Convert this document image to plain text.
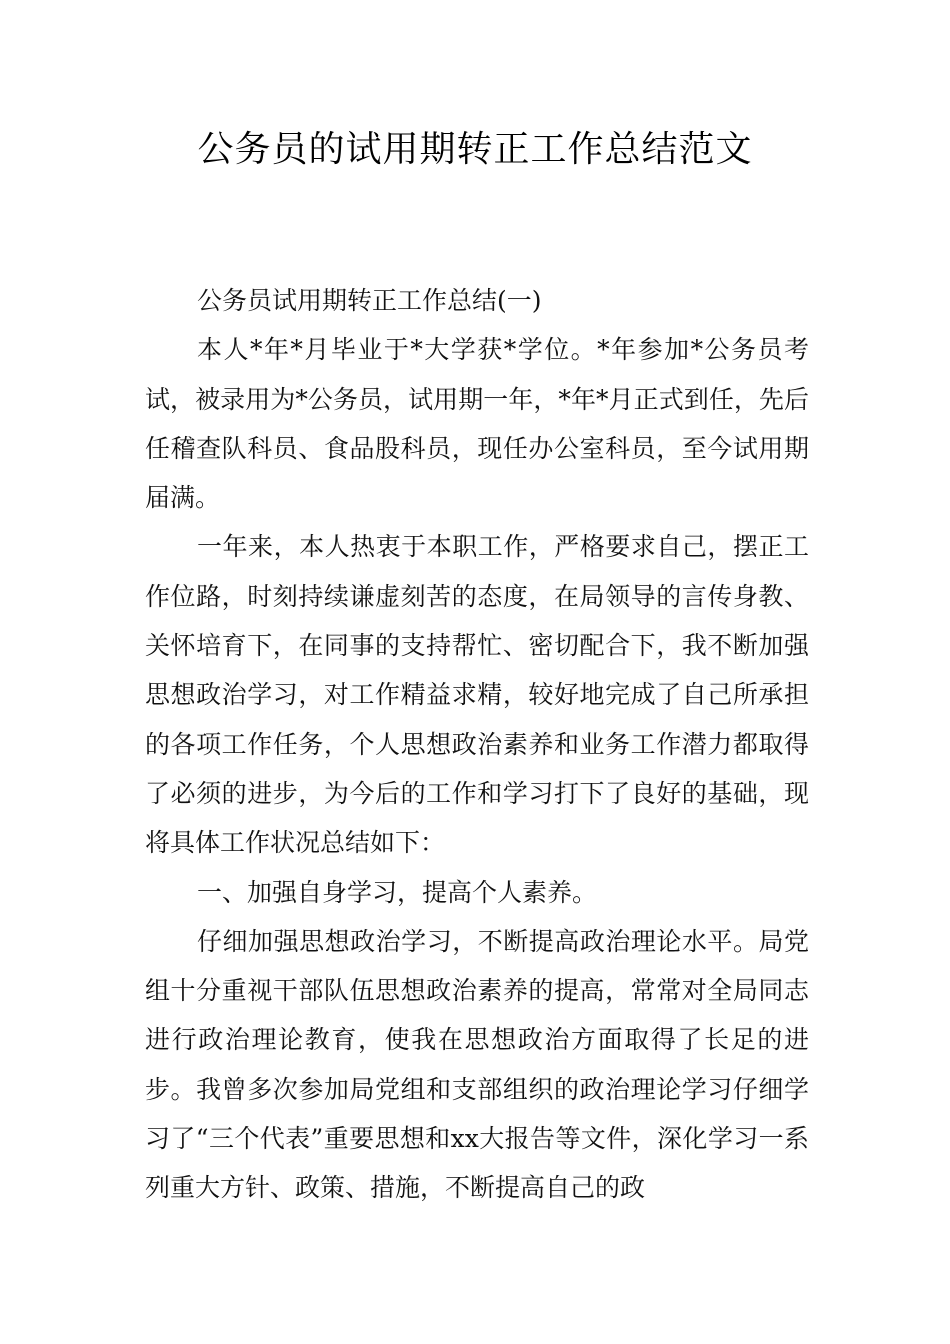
公务员的试用期转正工作总结范文

公务员试用期转正工作总结(一)

本人*年*月毕业于*大学获*学位。*年参加*公务员考试，被录用为*公务员，试用期一年，*年*月正式到任，先后任稽查队科员、食品股科员，现任办公室科员，至今试用期届满。

一年来，本人热衷于本职工作，严格要求自己，摆正工作位路，时刻持续谦虚刻苦的态度，在局领导的言传身教、关怀培育下，在同事的支持帮忙、密切配合下，我不断加强思想政治学习，对工作精益求精，较好地完成了自己所承担的各项工作任务，个人思想政治素养和业务工作潜力都取得了必须的进步，为今后的工作和学习打下了良好的基础，现将具体工作状况总结如下：

一、加强自身学习，提高个人素养。

仔细加强思想政治学习，不断提高政治理论水平。局党组十分重视干部队伍思想政治素养的提高，常常对全局同志进行政治理论教育，使我在思想政治方面取得了长足的进步。我曾多次参加局党组和支部组织的政治理论学习仔细学习了“三个代表”重要思想和xx大报告等文件，深化学习一系列重大方针、政策、措施，不断提高自己的政
